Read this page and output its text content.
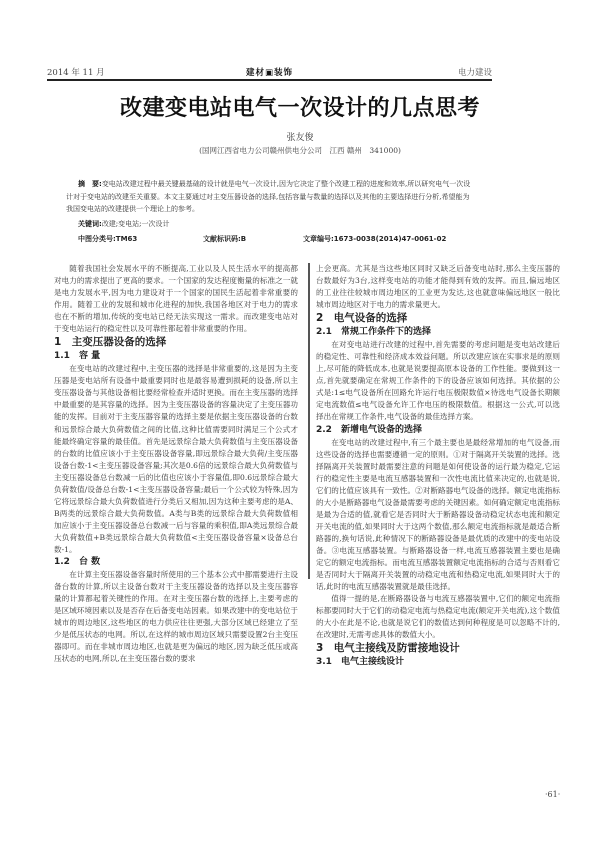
2014 年 11 月	建材▣装饰	电力建设
改建变电站电气一次设计的几点思考
张友俊
(国网江西省电力公司赣州供电分公司　江西 赣州　341000)
摘　要:变电站改建过程中最关键最基础的设计就是电气一次设计,因为它决定了整个改建工程的进度和效率,所以研究电气一次设计对于变电站的改建至关重要。本文主要通过对主变压器设备的选择,包括容量与数量的选择以及其他的主要选择进行分析,希望能为我国变电站的改建提供一个理论上的参考。
关键词:改建;变电站;一次设计
中图分类号:TM63	文献标识码:B	文章编号:1673-0038(2014)47-0061-02

随着我国社会发展水平的不断提高,工业以及人民生活水平的提高都对电力的需求提出了更高的要求。一个国家的发达程度衡量的标准之一就是电力发展水平,因为电力建设对于一个国家的国民生活起着非常重要的作用。随着工业的发展和城市化进程的加快,我国各地区对于电力的需求也在不断的增加,传统的变电站已经无法实现这一需求。而改建变电站对于变电站运行的稳定性以及可靠性都起着非常重要的作用。

1　主变压器设备的选择

1.1　容 量

在变电站的改建过程中,主变压器的选择是非常重要的,这是因为主变压器是变电站所有设备中最重要同时也是最容易遭到损耗的设备,所以主变压器设备与其他设备相比要经常检查并适时更换。而在主变压器的选择中最重要的是其容量的选择。因为主变压器设备的容量决定了主变压器功能的发挥。目前对于主变压器容量的选择主要是依据主变压器设备的台数和远景综合最大负荷数值之间的比值,这种比值需要同时满足三个公式才能最终确定容量的最佳值。首先是远景综合最大负荷数值与主变压器设备的台数的比值应该小于主变压器设备容量,即远景综合最大负荷/主变压器设备台数-1<主变压器设备容量;其次是0.6倍的远景综合最大负荷数值与主变压器设备总台数减一后的比值也应该小于容量值,即0.6远景综合最大负荷数值/设备总台数-1<主变压器设备容量;最后一个公式较为特殊,因为它将远景综合最大负荷数值进行分类后又相加,因为这种主要考虑的是A、B两类的远景综合最大负荷数值。A类与B类的远景综合最大负荷数值相加应该小于主变压器设备总台数减一后与容量的乘积值,即A类远景综合最大负荷数值+B类远景综合最大负荷数值<主变压器设备容量×设备总台数-1。

1.2　台 数

在计算主变压器设备容量时所使用的三个基本公式中都需要进行主设备台数的计算,所以主设备台数对于主变压器设备的选择以及主变压器容量的计算都起着关键性的作用。在对主变压器台数的选择上,主要考虑的是区域环境因素以及是否存在后备变电站因素。如果改建中的变电站位于城市的周边地区,这些地区的电力供应往往更强,大部分区域已经建立了至少是低压状态的电网。所以,在这样的城市周边区域只需要设置2台主变压器即可。而在非城市周边地区,也就是更为偏远的地区,因为缺乏低压或高压状态的电网,所以,在主变压器台数的要求

上会更高。尤其是当这些地区同时又缺乏后备变电站时,那么主变压器的台数最好为3台,这样变电站的功能才能得到有效的发挥。而且,偏远地区的工业往往较城市周边地区的工业更为发达,这也就意味偏远地区一般比城市周边地区对于电力的需求量更大。

2　电气设备的选择

2.1　常规工作条件下的选择

在对变电站进行改建的过程中,首先需要的考虑问题是变电站改建后的稳定性、可靠性和经济成本效益问题。所以改建应该在实事求是的原则上,尽可能的降低成本,也就是说要提高原本设备的工作性能。要做到这一点,首先就要确定在常规工作条件的下的设备应该如何选择。其依据的公式是:1≤电气设备所在回路允许运行电压极限数值×待选电气设备长期额定电流数值≤电气设备允许工作电压的极限数值。根据这一公式,可以选择出在常规工作条件,电气设备的最佳选择方案。

2.2　新增电气设备的选择

在变电站的改建过程中,有三个最主要也是最经常增加的电气设备,而这些设备的选择也需要遵循一定的原则。①对于隔离开关装置的选择。选择隔离开关装置时最需要注意的问题是如何使设备的运行最为稳定,它运行的稳定性主要是电流互感器装置和一次性电流比值来决定的,也就是说,它们的比值应该具有一致性。②对断路器电气设备的选择。额定电流指标的大小是断路器电气设备最需要考虑的关键因素。如何确定额定电流指标是最为合适的值,就看它是否同时大于断路器设备动稳定状态电流和额定开关电流的值,如果同时大于这两个数值,那么额定电流指标就是最适合断路器的,换句话说,此种情况下的断路器设备是最优质的改建中的变电站设备。③电流互感器装置。与断路器设备一样,电流互感器装置主要也是确定它的额定电流指标。而电流互感器装置额定电流指标的合适与否则看它是否同时大于隔离开关装置的动稳定电流和热稳定电流,如果同时大于的话,此时的电流互感器装置就是最佳选择。

值得一提的是,在断路器设备与电流互感器装置中,它们的额定电流指标都要同时大于它们的动稳定电流与热稳定电流(额定开关电流),这个数值的大小在此是不论,也就是说它们的数值达到何种程度是可以忽略不计的,在改建时,无需考虑具体的数值大小。

3　电气主接线及防雷接地设计

3.1　电气主接线设计

·61·
